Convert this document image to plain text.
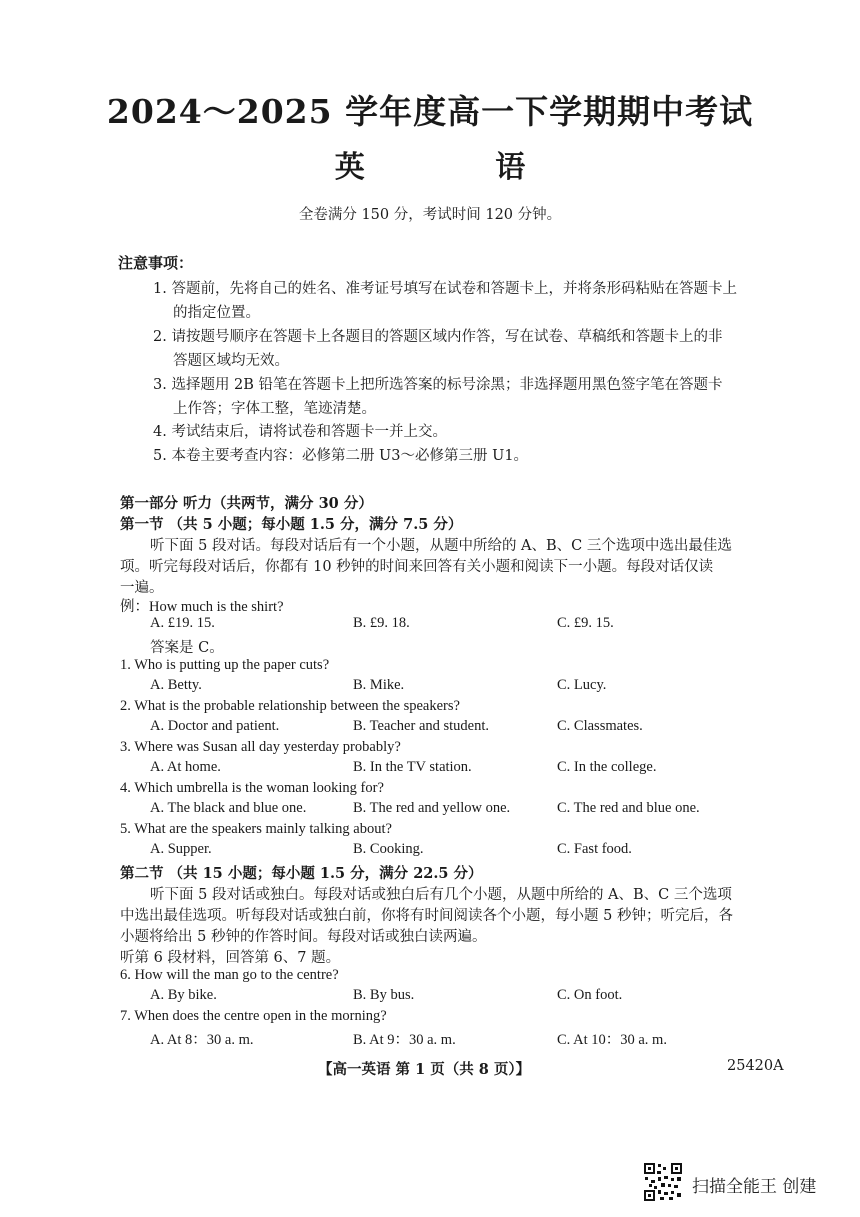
2024～2025 学年度高一下学期期中考试
英 语
全卷满分 150 分，考试时间 120 分钟。
注意事项：
1. 答题前，先将自己的姓名、准考证号填写在试卷和答题卡上，并将条形码粘贴在答题卡上
的指定位置。
2. 请按题号顺序在答题卡上各题目的答题区域内作答，写在试卷、草稿纸和答题卡上的非
答题区域均无效。
3. 选择题用 2B 铅笔在答题卡上把所选答案的标号涂黑；非选择题用黑色签字笔在答题卡
上作答；字体工整，笔迹清楚。
4. 考试结束后，请将试卷和答题卡一并上交。
5. 本卷主要考查内容：必修第二册 U3～必修第三册 U1。
第一部分 听力（共两节，满分 30 分）
第一节 （共 5 小题；每小题 1.5 分，满分 7.5 分）
听下面 5 段对话。每段对话后有一个小题，从题中所给的 A、B、C 三个选项中选出最佳选
项。听完每段对话后，你都有 10 秒钟的时间来回答有关小题和阅读下一小题。每段对话仅读
一遍。
例：How much is the shirt?
A. £19. 15.	B. £9. 18.	C. £9. 15.
答案是 C。
1. Who is putting up the paper cuts?
A. Betty.	B. Mike.	C. Lucy.
2. What is the probable relationship between the speakers?
A. Doctor and patient.	B. Teacher and student.	C. Classmates.
3. Where was Susan all day yesterday probably?
A. At home.	B. In the TV station.	C. In the college.
4. Which umbrella is the woman looking for?
A. The black and blue one.	B. The red and yellow one.	C. The red and blue one.
5. What are the speakers mainly talking about?
A. Supper.	B. Cooking.	C. Fast food.
第二节 （共 15 小题；每小题 1.5 分，满分 22.5 分）
听下面 5 段对话或独白。每段对话或独白后有几个小题，从题中所给的 A、B、C 三个选项
中选出最佳选项。听每段对话或独白前，你将有时间阅读各个小题，每小题 5 秒钟；听完后，各
小题将给出 5 秒钟的作答时间。每段对话或独白读两遍。
听第 6 段材料，回答第 6、7 题。
6. How will the man go to the centre?
A. By bike.	B. By bus.	C. On foot.
7. When does the centre open in the morning?
A. At 8：30 a. m.	B. At 9：30 a. m.	C. At 10：30 a. m.
【高一英语 第 1 页（共 8 页）】	25420A
扫描全能王 创建
